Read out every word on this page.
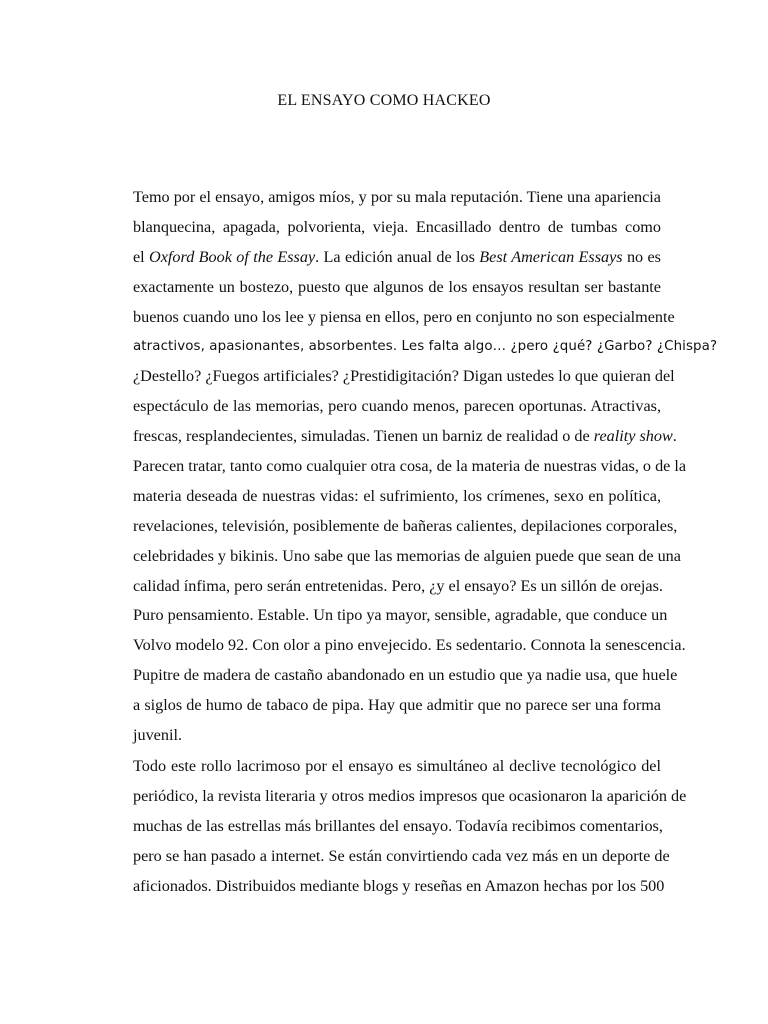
EL ENSAYO COMO HACKEO
Temo por el ensayo, amigos míos, y por su mala reputación. Tiene una apariencia
blanquecina, apagada, polvorienta, vieja. Encasillado dentro de tumbas como
el Oxford Book of the Essay. La edición anual de los Best American Essays no es
exactamente un bostezo, puesto que algunos de los ensayos resultan ser bastante
buenos cuando uno los lee y piensa en ellos, pero en conjunto no son especialmente
atractivos, apasionantes, absorbentes. Les falta algo… ¿pero ¿qué? ¿Garbo? ¿Chispa?
¿Destello? ¿Fuegos artificiales? ¿Prestidigitación? Digan ustedes lo que quieran del
espectáculo de las memorias, pero cuando menos, parecen oportunas. Atractivas,
frescas, resplandecientes, simuladas. Tienen un barniz de realidad o de reality show.
Parecen tratar, tanto como cualquier otra cosa, de la materia de nuestras vidas, o de la
materia deseada de nuestras vidas: el sufrimiento, los crímenes, sexo en política,
revelaciones, televisión, posiblemente de bañeras calientes, depilaciones corporales,
celebridades y bikinis. Uno sabe que las memorias de alguien puede que sean de una
calidad ínfima, pero serán entretenidas. Pero, ¿y el ensayo? Es un sillón de orejas.
Puro pensamiento. Estable. Un tipo ya mayor, sensible, agradable, que conduce un
Volvo modelo 92. Con olor a pino envejecido. Es sedentario. Connota la senescencia.
Pupitre de madera de castaño abandonado en un estudio que ya nadie usa, que huele
a siglos de humo de tabaco de pipa. Hay que admitir que no parece ser una forma
juvenil.
Todo este rollo lacrimoso por el ensayo es simultáneo al declive tecnológico del
periódico, la revista literaria y otros medios impresos que ocasionaron la aparición de
muchas de las estrellas más brillantes del ensayo. Todavía recibimos comentarios,
pero se han pasado a internet. Se están convirtiendo cada vez más en un deporte de
aficionados. Distribuidos mediante blogs y reseñas en Amazon hechas por los 500
